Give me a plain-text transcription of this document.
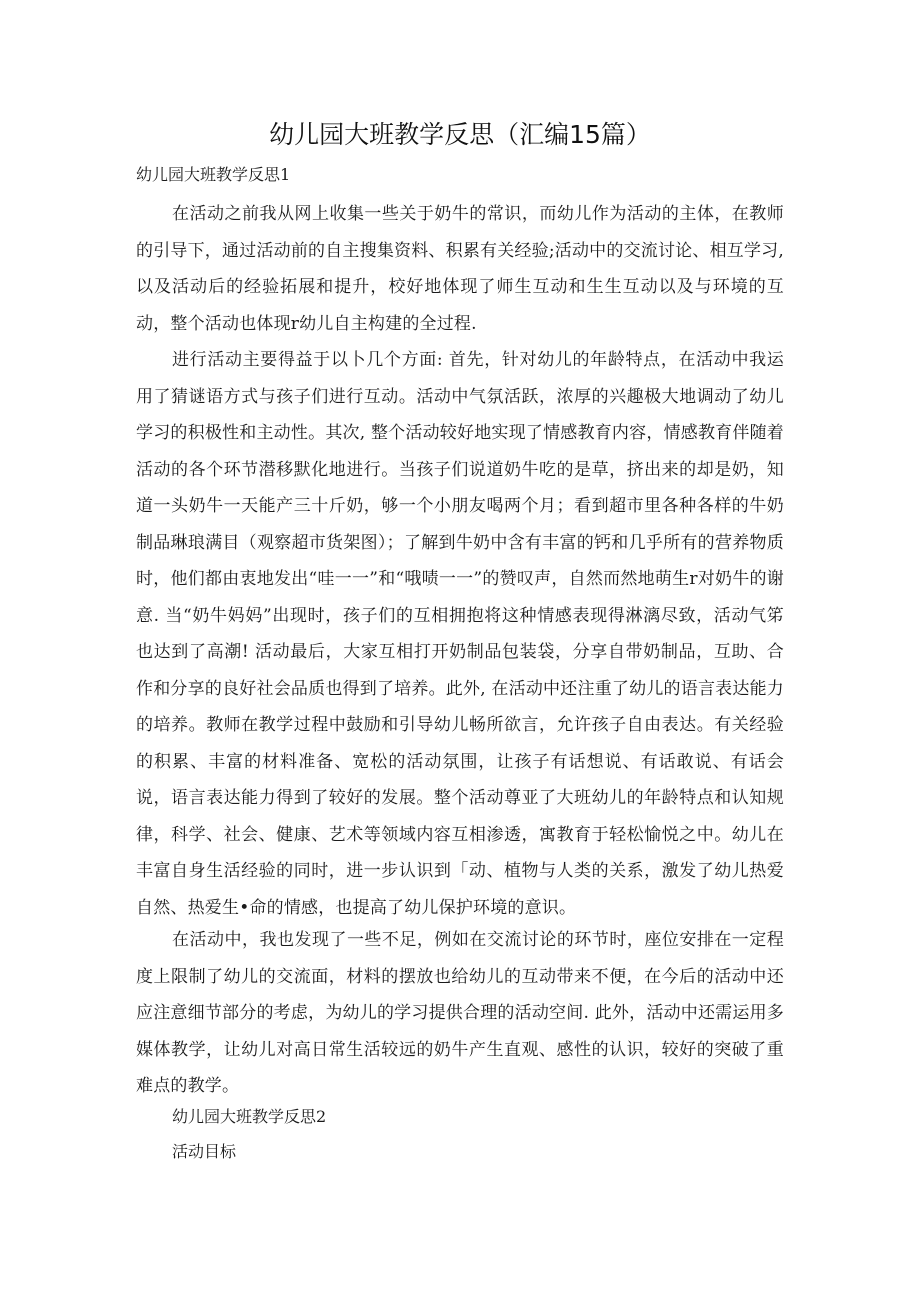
幼儿园大班教学反思（汇编15篇）
幼儿园大班教学反思1

在活动之前我从网上收集一些关于奶牛的常识，而幼儿作为活动的主体，在教师的引导下，通过活动前的自主搜集资料、积累有关经验;活动中的交流讨论、相互学习, 以及活动后的经验拓展和提升，校好地体现了师生互动和生生互动以及与环境的互动，整个活动也体现r幼儿自主构建的全过程.

进行活动主要得益于以卜几个方面: 首先，针对幼儿的年龄特点，在活动中我运用了猜谜语方式与孩子们进行互动。活动中气氛活跃，浓厚的兴趣极大地调动了幼儿学习的积极性和主动性。其次, 整个活动较好地实现了情感教育内容，情感教育伴随着活动的各个环节潜移默化地进行。当孩子们说道奶牛吃的是草，挤出来的却是奶，知道一头奶牛一天能产三十斤奶，够一个小朋友喝两个月；看到超市里各种各样的牛奶制品琳琅满目（观察超市货架图）；了解到牛奶中含有丰富的钙和几乎所有的营养物质时，他们都由衷地发出“哇一一”和“哦啧一一”的赞叹声，自然而然地萌生r对奶牛的谢意. 当“奶牛妈妈”出现时，孩子们的互相拥抱将这种情感表现得淋漓尽致，活动气笫也达到了高潮! 活动最后，大家互相打开奶制品包装袋，分享自带奶制品，互助、合作和分享的良好社会品质也得到了培养。此外, 在活动中还注重了幼儿的语言表达能力的培养。教师在教学过程中鼓励和引导幼儿畅所欲言，允许孩子自由表达。有关经验的积累、丰富的材料准备、宽松的活动氛围，让孩子有话想说、有话敢说、有话会说，语言表达能力得到了较好的发展。整个活动尊亚了大班幼儿的年龄特点和认知规律，科学、社会、健康、艺术等领域内容互相渗透，寓教育于轻松愉悦之中。幼儿在丰富自身生活经验的同时，进一步认识到「动、植物与人类的关系，激发了幼儿热爱自然、热爱生•命的情感，也提高了幼儿保护环境的意识。

在活动中，我也发现了一些不足，例如在交流讨论的环节时，座位安排在一定程度上限制了幼儿的交流面，材料的摆放也给幼儿的互动带来不便，在今后的活动中还应注意细节部分的考虑，为幼儿的学习提供合理的活动空间. 此外，活动中还需运用多媒体教学，让幼儿对高日常生活较远的奶牛产生直观、感性的认识，较好的突破了重难点的教学。

幼儿园大班教学反思2
活动目标
